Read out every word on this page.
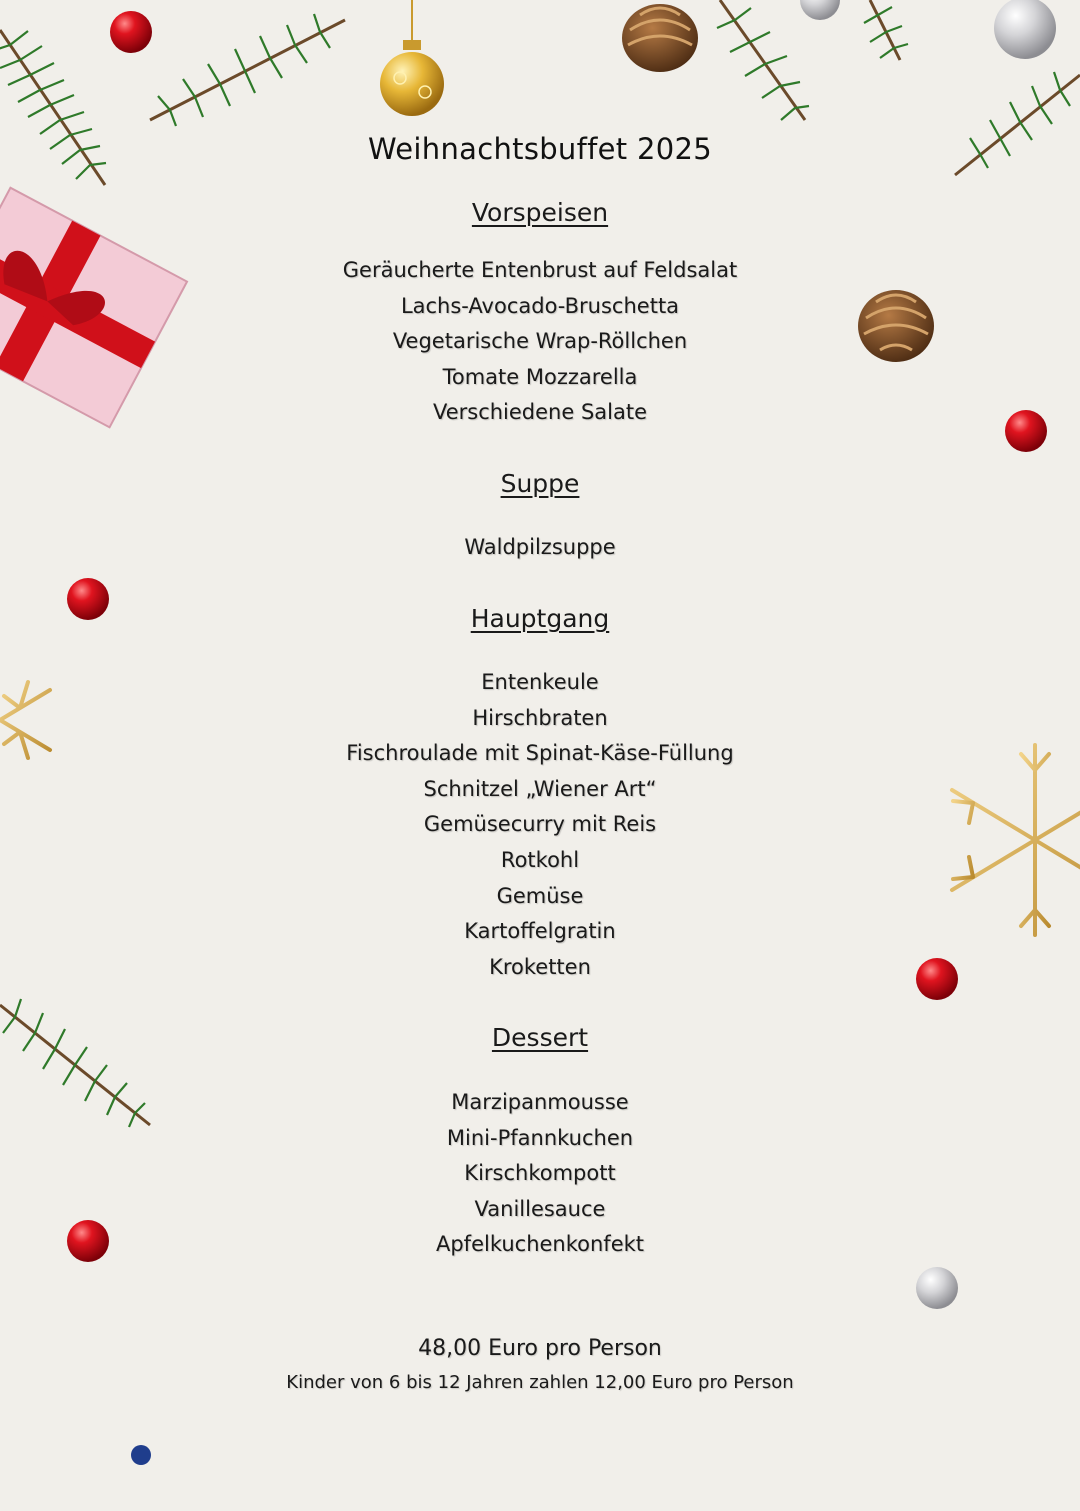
Weihnachtsbuffet 2025
Vorspeisen
Geräucherte Entenbrust auf Feldsalat
Lachs-Avocado-Bruschetta
Vegetarische Wrap-Röllchen
Tomate Mozzarella
Verschiedene Salate
Suppe
Waldpilzsuppe
Hauptgang
Entenkeule
Hirschbraten
Fischroulade mit Spinat-Käse-Füllung
Schnitzel „Wiener Art“
Gemüsecurry mit Reis
Rotkohl
Gemüse
Kartoffelgratin
Kroketten
Dessert
Marzipanmousse
Mini-Pfannkuchen
Kirschkompott
Vanillesauce
Apfelkuchenkonfekt
48,00 Euro pro Person
Kinder von 6 bis 12 Jahren zahlen 12,00 Euro pro Person
